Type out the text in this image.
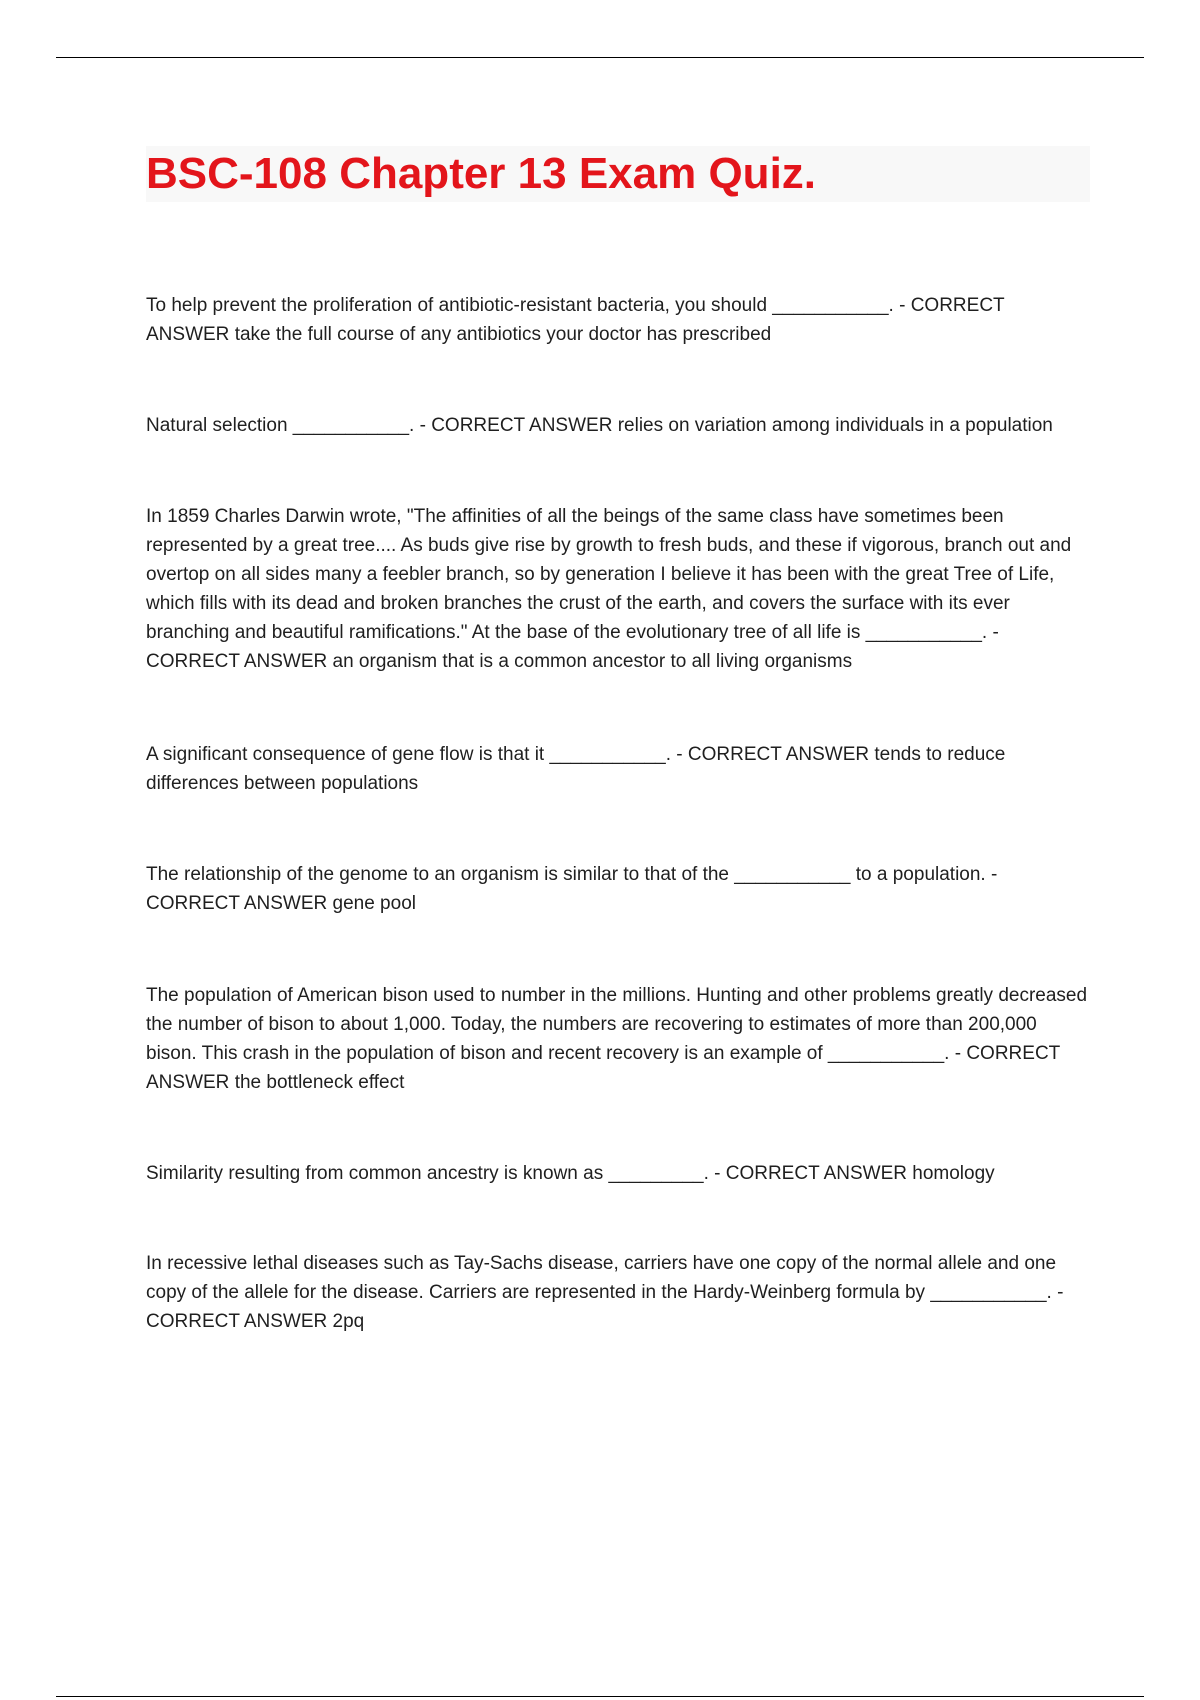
BSC-108 Chapter 13 Exam Quiz.

To help prevent the proliferation of antibiotic-resistant bacteria, you should ___________. - CORRECT ANSWER take the full course of any antibiotics your doctor has prescribed

Natural selection ___________. - CORRECT ANSWER relies on variation among individuals in a population

In 1859 Charles Darwin wrote, "The affinities of all the beings of the same class have sometimes been represented by a great tree.... As buds give rise by growth to fresh buds, and these if vigorous, branch out and overtop on all sides many a feebler branch, so by generation I believe it has been with the great Tree of Life, which fills with its dead and broken branches the crust of the earth, and covers the surface with its ever branching and beautiful ramifications." At the base of the evolutionary tree of all life is ___________. - CORRECT ANSWER an organism that is a common ancestor to all living organisms

A significant consequence of gene flow is that it ___________. - CORRECT ANSWER tends to reduce differences between populations

The relationship of the genome to an organism is similar to that of the ___________ to a population. - CORRECT ANSWER gene pool

The population of American bison used to number in the millions. Hunting and other problems greatly decreased the number of bison to about 1,000. Today, the numbers are recovering to estimates of more than 200,000 bison. This crash in the population of bison and recent recovery is an example of ___________. - CORRECT ANSWER the bottleneck effect

Similarity resulting from common ancestry is known as _________. - CORRECT ANSWER homology

In recessive lethal diseases such as Tay-Sachs disease, carriers have one copy of the normal allele and one copy of the allele for the disease. Carriers are represented in the Hardy-Weinberg formula by ___________. - CORRECT ANSWER 2pq
